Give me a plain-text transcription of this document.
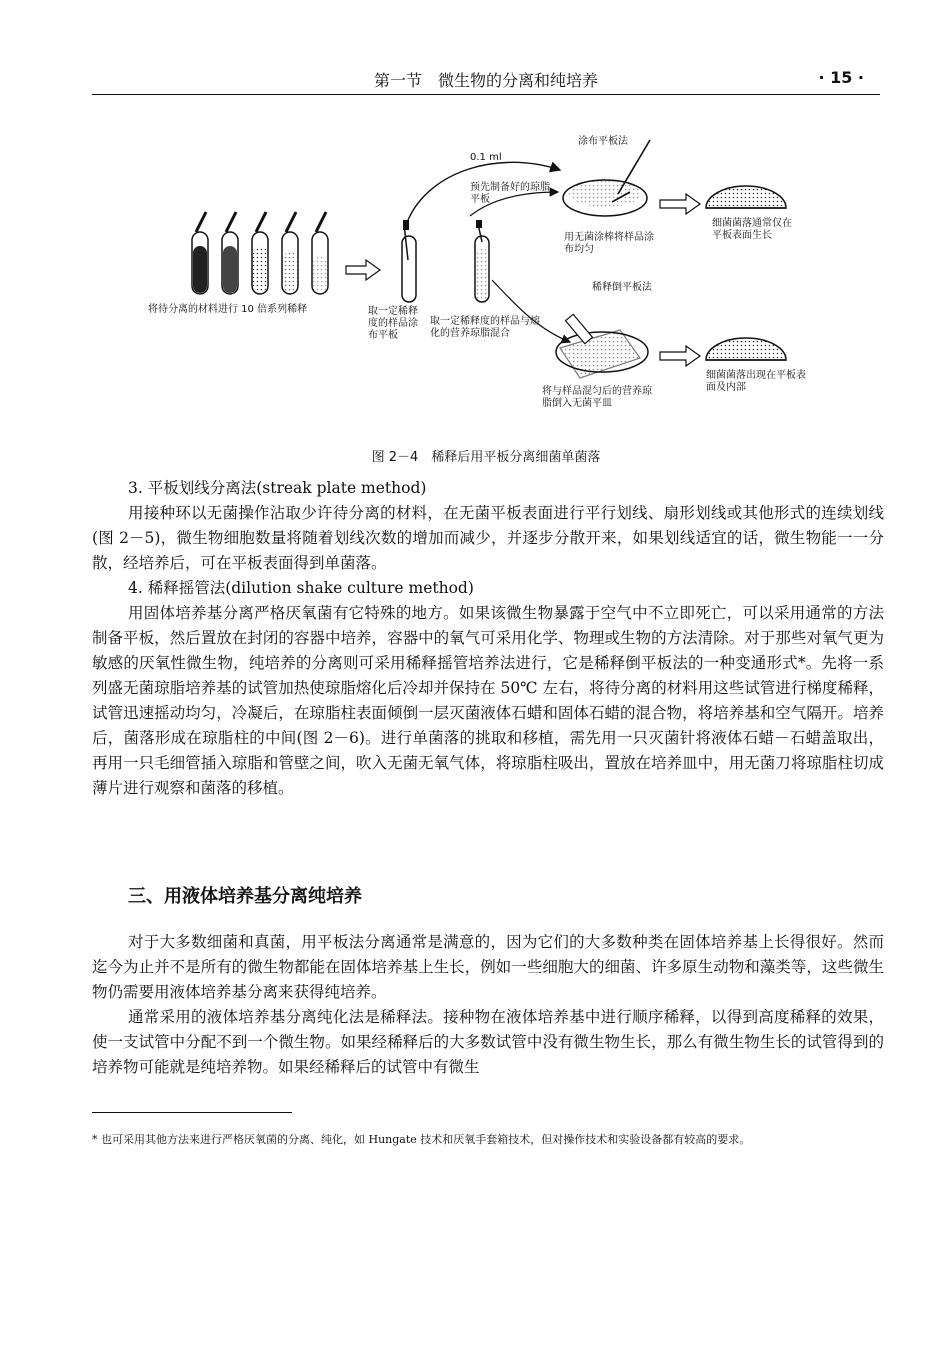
第一节　微生物的分离和纯培养	· 15 ·
0.1 ml
涂布平板法
预先制备好的琼脂平板
用无菌涂棒将样品涂布均匀
细菌菌落通常仅在平板表面生长
将待分离的材料进行 10 倍系列稀释	取一定稀释度的样品涂布平板
取一定稀释度的样品与熔化的营养琼脂混合
稀释倒平板法
将与样品混匀后的营养琼脂倒入无菌平皿
细菌菌落出现在平板表面及内部
图 2－4　稀释后用平板分离细菌单菌落
3. 平板划线分离法(streak plate method)
用接种环以无菌操作沾取少许待分离的材料，在无菌平板表面进行平行划线、扇形划线或其他形式的连续划线(图 2－5)，微生物细胞数量将随着划线次数的增加而减少，并逐步分散开来，如果划线适宜的话，微生物能一一分散，经培养后，可在平板表面得到单菌落。
4. 稀释摇管法(dilution shake culture method)
用固体培养基分离严格厌氧菌有它特殊的地方。如果该微生物暴露于空气中不立即死亡，可以采用通常的方法制备平板，然后置放在封闭的容器中培养，容器中的氧气可采用化学、物理或生物的方法清除。对于那些对氧气更为敏感的厌氧性微生物，纯培养的分离则可采用稀释摇管培养法进行，它是稀释倒平板法的一种变通形式*。先将一系列盛无菌琼脂培养基的试管加热使琼脂熔化后冷却并保持在 50℃ 左右，将待分离的材料用这些试管进行梯度稀释，试管迅速摇动均匀，冷凝后，在琼脂柱表面倾倒一层灭菌液体石蜡和固体石蜡的混合物，将培养基和空气隔开。培养后，菌落形成在琼脂柱的中间(图 2－6)。进行单菌落的挑取和移植，需先用一只灭菌针将液体石蜡－石蜡盖取出，再用一只毛细管插入琼脂和管壁之间，吹入无菌无氧气体，将琼脂柱吸出，置放在培养皿中，用无菌刀将琼脂柱切成薄片进行观察和菌落的移植。
三、用液体培养基分离纯培养
对于大多数细菌和真菌，用平板法分离通常是满意的，因为它们的大多数种类在固体培养基上长得很好。然而迄今为止并不是所有的微生物都能在固体培养基上生长，例如一些细胞大的细菌、许多原生动物和藻类等，这些微生物仍需要用液体培养基分离来获得纯培养。
通常采用的液体培养基分离纯化法是稀释法。接种物在液体培养基中进行顺序稀释，以得到高度稀释的效果，使一支试管中分配不到一个微生物。如果经稀释后的大多数试管中没有微生物生长，那么有微生物生长的试管得到的培养物可能就是纯培养物。如果经稀释后的试管中有微生
* 也可采用其他方法来进行严格厌氧菌的分离、纯化，如 Hungate 技术和厌氧手套箱技术，但对操作技术和实验设备都有较高的要求。
